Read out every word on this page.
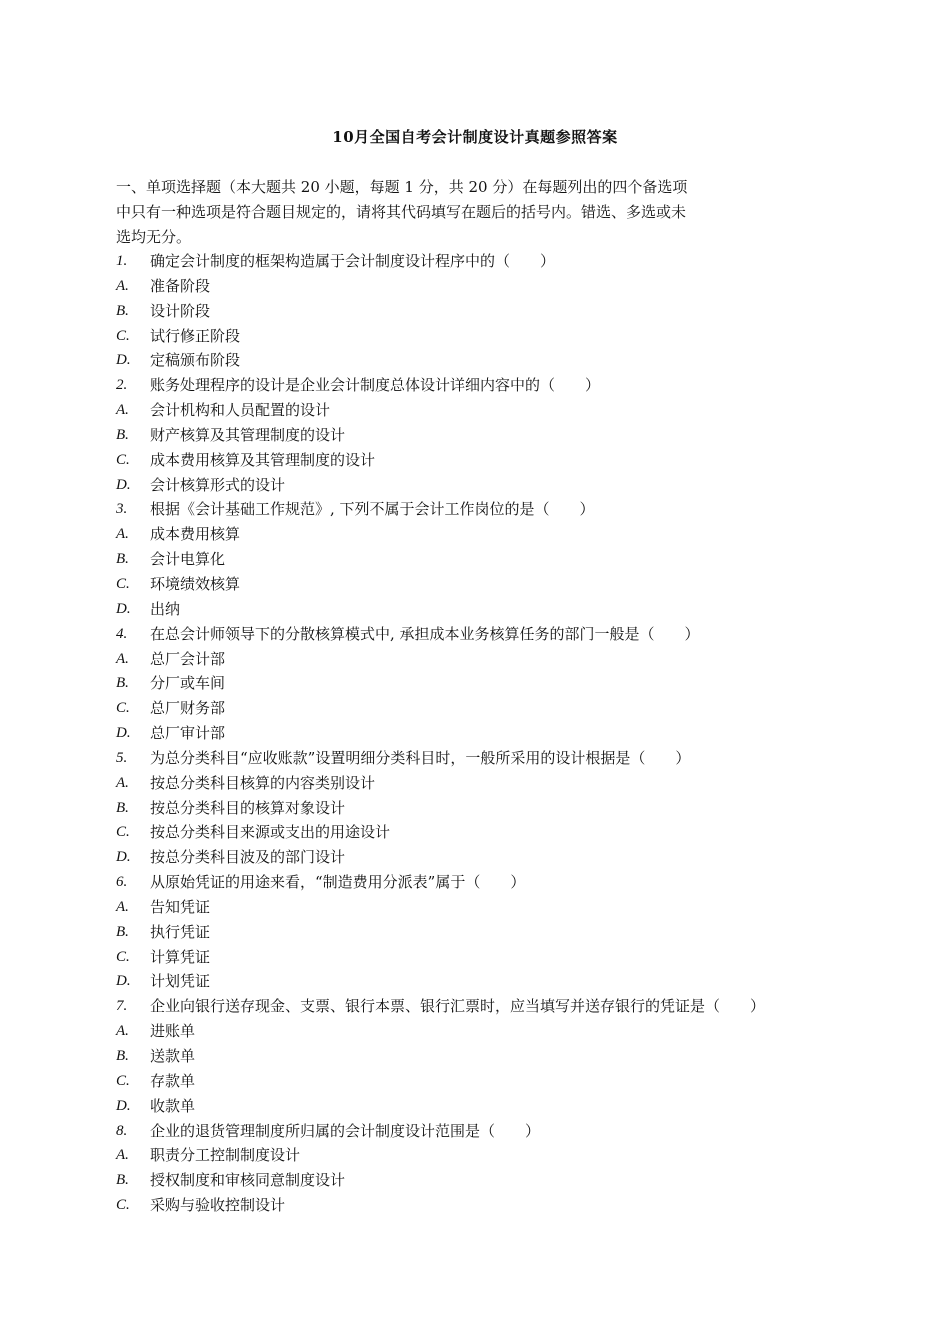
10月全国自考会计制度设计真题参照答案
一、单项选择题（本大题共 20 小题，每题 1 分，共 20 分）在每题列出的四个备选项
中只有一种选项是符合题目规定的，请将其代码填写在题后的括号内。错选、多选或未
选均无分。
1.	确定会计制度的框架构造属于会计制度设计程序中的（　　）
A.	准备阶段
B.	设计阶段
C.	试行修正阶段
D.	定稿颁布阶段
2.	账务处理程序的设计是企业会计制度总体设计详细内容中的（　　）
A.	会计机构和人员配置的设计
B.	财产核算及其管理制度的设计
C.	成本费用核算及其管理制度的设计
D.	会计核算形式的设计
3.	根据《会计基础工作规范》, 下列不属于会计工作岗位的是（　　）
A.	成本费用核算
B.	会计电算化
C.	环境绩效核算
D.	出纳
4.	在总会计师领导下的分散核算模式中, 承担成本业务核算任务的部门一般是（　　）
A.	总厂会计部
B.	分厂或车间
C.	总厂财务部
D.	总厂审计部
5.	为总分类科目“应收账款”设置明细分类科目时，一般所采用的设计根据是（　　）
A.	按总分类科目核算的内容类别设计
B.	按总分类科目的核算对象设计
C.	按总分类科目来源或支出的用途设计
D.	按总分类科目波及的部门设计
6.	从原始凭证的用途来看，“制造费用分派表”属于（　　）
A.	告知凭证
B.	执行凭证
C.	计算凭证
D.	计划凭证
7.	企业向银行送存现金、支票、银行本票、银行汇票时，应当填写并送存银行的凭证是（　　）
A.	进账单
B.	送款单
C.	存款单
D.	收款单
8.	企业的退货管理制度所归属的会计制度设计范围是（　　）
A.	职责分工控制制度设计
B.	授权制度和审核同意制度设计
C.	采购与验收控制设计
